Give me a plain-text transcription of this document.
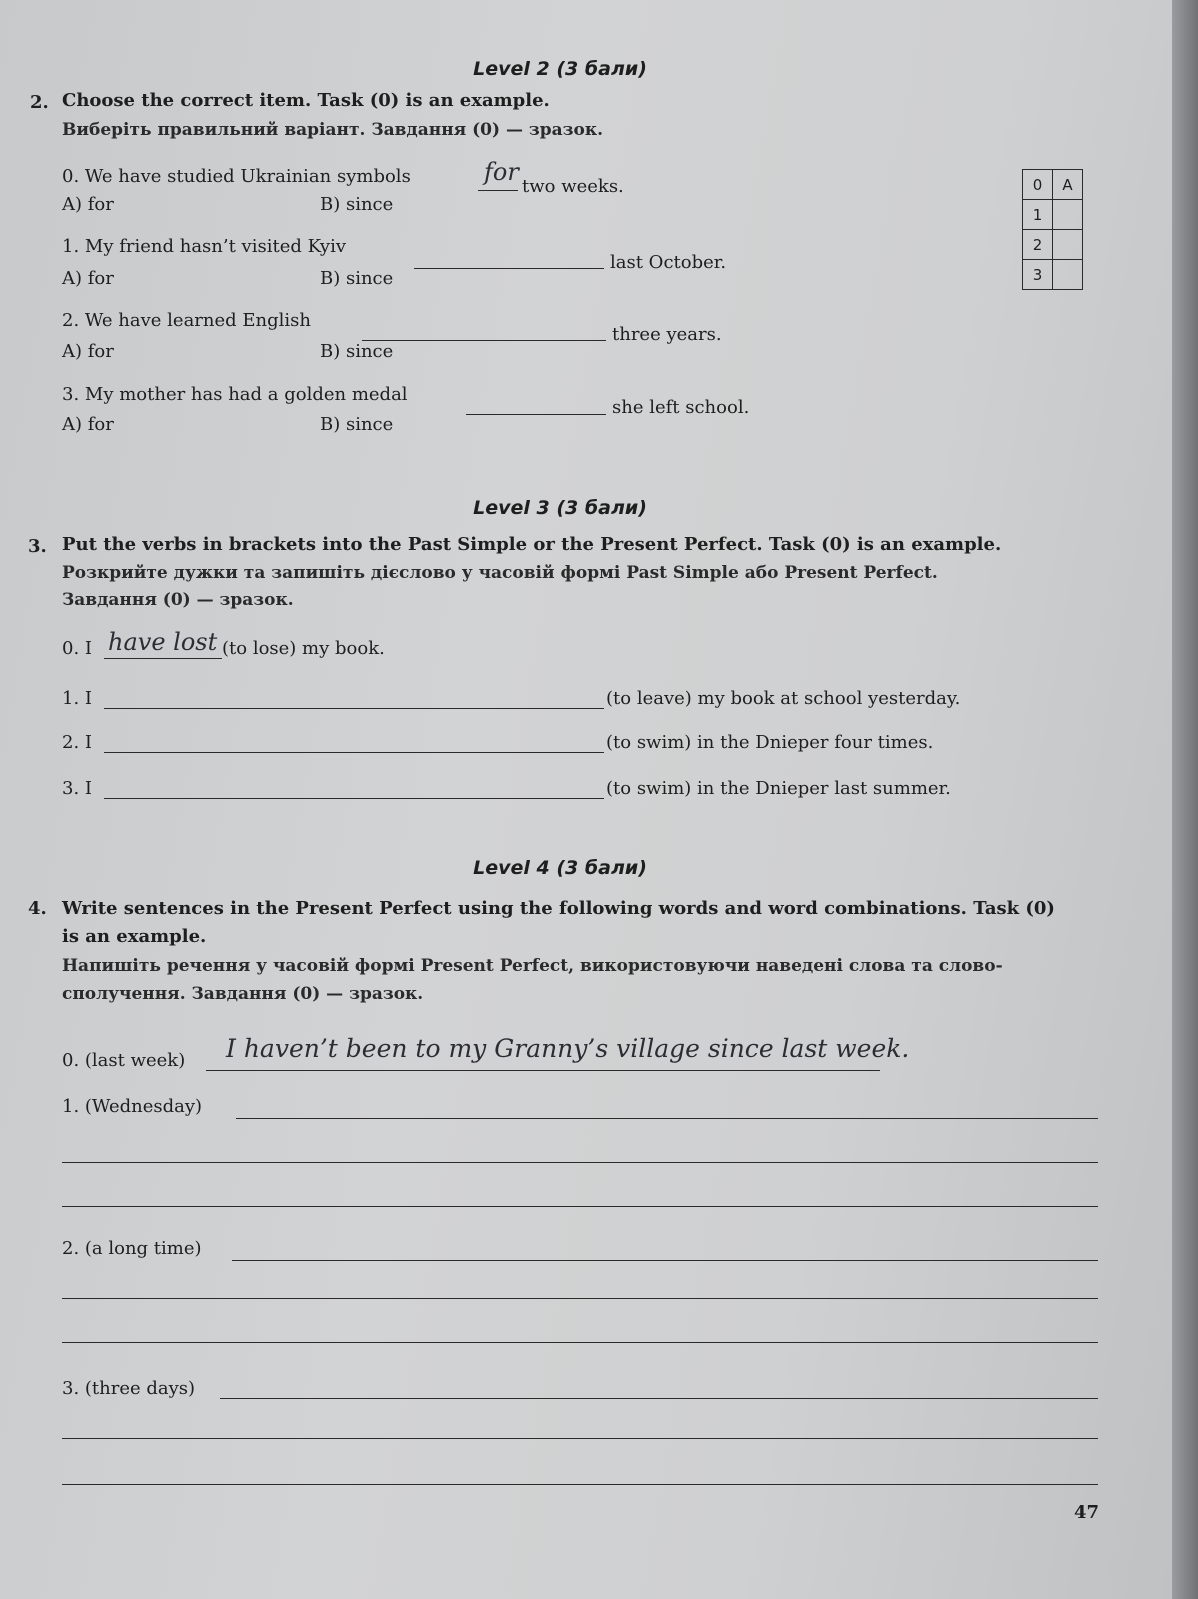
Level 2 (3 бали)
2. Choose the correct item. Task (0) is an example.
Виберіть правильний варіант. Завдання (0) — зразок.
0. We have studied Ukrainian symbols	for
two weeks.
A) for	B) since
1. My friend hasn’t visited Kyiv
last October.
A) for	B) since
2. We have learned English
three years.
A) for	B) since
3. My mother has had a golden medal
she left school.
A) for	B) since
0	A
1	
2	
3	
Level 3 (3 бали)
3. Put the verbs in brackets into the Past Simple or the Present Perfect. Task (0) is an example.
Розкрийте дужки та запишіть дієслово у часовій формі Past Simple або Present Perfect.
Завдання (0) — зразок.
0. I have lost (to lose) my book.
1. I	(to leave) my book at school yesterday.
2. I	(to swim) in the Dnieper four times.
3. I	(to swim) in the Dnieper last summer.
Level 4 (3 бали)
4. Write sentences in the Present Perfect using the following words and word combinations. Task (0)
is an example.
Напишіть речення у часовій формі Present Perfect, використовуючи наведені слова та слово-
сполучення. Завдання (0) — зразок.
0. (last week) I haven’t been to my Granny’s village since last week.
1. (Wednesday)
2. (a long time)
3. (three days)
47
